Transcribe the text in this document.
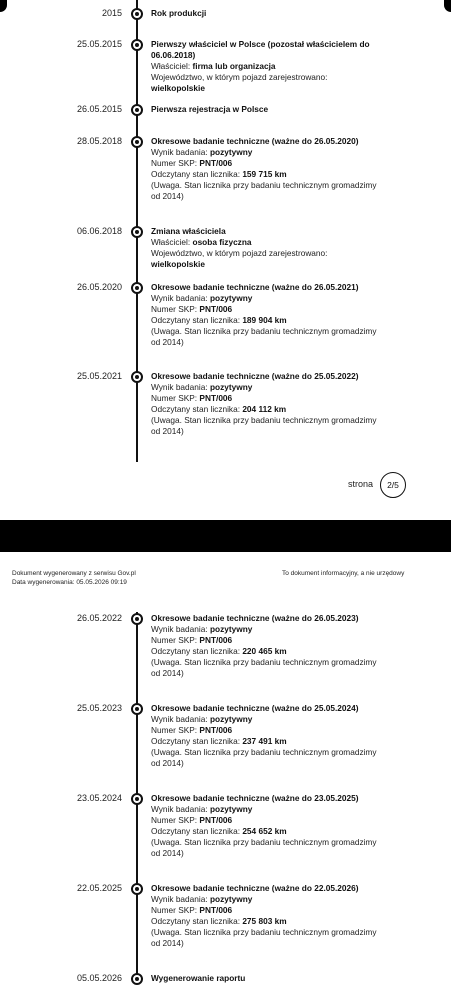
2015	Rok produkcji
25.05.2015	Pierwszy właściciel w Polsce (pozostał właścicielem do 06.06.2018)
Właściciel: firma lub organizacja
Województwo, w którym pojazd zarejestrowano: wielkopolskie
26.05.2015	Pierwsza rejestracja w Polsce
28.05.2018	Okresowe badanie techniczne (ważne do 26.05.2020)
Wynik badania: pozytywny
Numer SKP: PNT/006
Odczytany stan licznika: 159 715 km
(Uwaga. Stan licznika przy badaniu technicznym gromadzimy od 2014)
06.06.2018	Zmiana właściciela
Właściciel: osoba fizyczna
Województwo, w którym pojazd zarejestrowano: wielkopolskie
26.05.2020	Okresowe badanie techniczne (ważne do 26.05.2021)
Wynik badania: pozytywny
Numer SKP: PNT/006
Odczytany stan licznika: 189 904 km
(Uwaga. Stan licznika przy badaniu technicznym gromadzimy od 2014)
25.05.2021	Okresowe badanie techniczne (ważne do 25.05.2022)
Wynik badania: pozytywny
Numer SKP: PNT/006
Odczytany stan licznika: 204 112 km
(Uwaga. Stan licznika przy badaniu technicznym gromadzimy od 2014)
strona	2/5
Dokument wygenerowany z serwisu Gov.pl
Data wygenerowania: 05.05.2026 09:19
To dokument informacyjny, a nie urzędowy
26.05.2022	Okresowe badanie techniczne (ważne do 26.05.2023)
Wynik badania: pozytywny
Numer SKP: PNT/006
Odczytany stan licznika: 220 465 km
(Uwaga. Stan licznika przy badaniu technicznym gromadzimy od 2014)
25.05.2023	Okresowe badanie techniczne (ważne do 25.05.2024)
Wynik badania: pozytywny
Numer SKP: PNT/006
Odczytany stan licznika: 237 491 km
(Uwaga. Stan licznika przy badaniu technicznym gromadzimy od 2014)
23.05.2024	Okresowe badanie techniczne (ważne do 23.05.2025)
Wynik badania: pozytywny
Numer SKP: PNT/006
Odczytany stan licznika: 254 652 km
(Uwaga. Stan licznika przy badaniu technicznym gromadzimy od 2014)
22.05.2025	Okresowe badanie techniczne (ważne do 22.05.2026)
Wynik badania: pozytywny
Numer SKP: PNT/006
Odczytany stan licznika: 275 803 km
(Uwaga. Stan licznika przy badaniu technicznym gromadzimy od 2014)
05.05.2026	Wygenerowanie raportu
